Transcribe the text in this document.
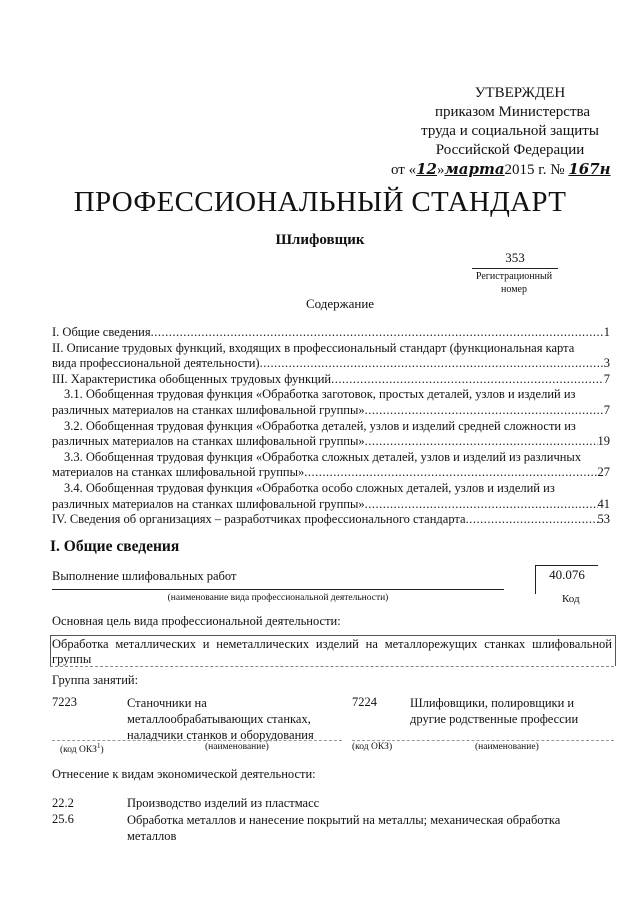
УТВЕРЖДЕН
приказом Министерства
труда и социальной защиты
Российской Федерации
от «12»марта2015 г. № 167н
ПРОФЕССИОНАЛЬНЫЙ СТАНДАРТ
Шлифовщик
353
Регистрационный номер
Содержание
I. Общие сведения .....	1
II. Описание трудовых функций, входящих в профессиональный стандарт (функциональная карта
вида профессиональной деятельности) .....	3
III. Характеристика обобщенных трудовых функций .....	7
3.1. Обобщенная трудовая функция «Обработка заготовок, простых деталей, узлов и изделий из
различных материалов на станках шлифовальной группы» .....	7
3.2. Обобщенная трудовая функция «Обработка деталей, узлов и изделий средней сложности из
различных материалов на станках шлифовальной группы» .....	19
3.3. Обобщенная трудовая функция «Обработка сложных деталей, узлов и изделий из различных
материалов на станках шлифовальной группы» .....	27
3.4. Обобщенная трудовая функция «Обработка особо сложных деталей, узлов и изделий из
различных материалов на станках шлифовальной группы» .....	41
IV. Сведения об организациях – разработчиках профессионального стандарта .....	53
I. Общие сведения
Выполнение шлифовальных работ
(наименование вида профессиональной деятельности)
40.076
Код
Основная цель вида профессиональной деятельности:
Обработка металлических и неметаллических изделий на металлорежущих станках шлифовальной группы
Группа занятий:
7223	Станочники на металлообрабатывающих станках, наладчики станков и оборудования
7224	Шлифовщики, полировщики и другие родственные профессии
(код ОКЗ$^1$)	(наименование)	(код ОКЗ)	(наименование)
Отнесение к видам экономической деятельности:
22.2	Производство изделий из пластмасс
25.6	Обработка металлов и нанесение покрытий на металлы; механическая обработка металлов
